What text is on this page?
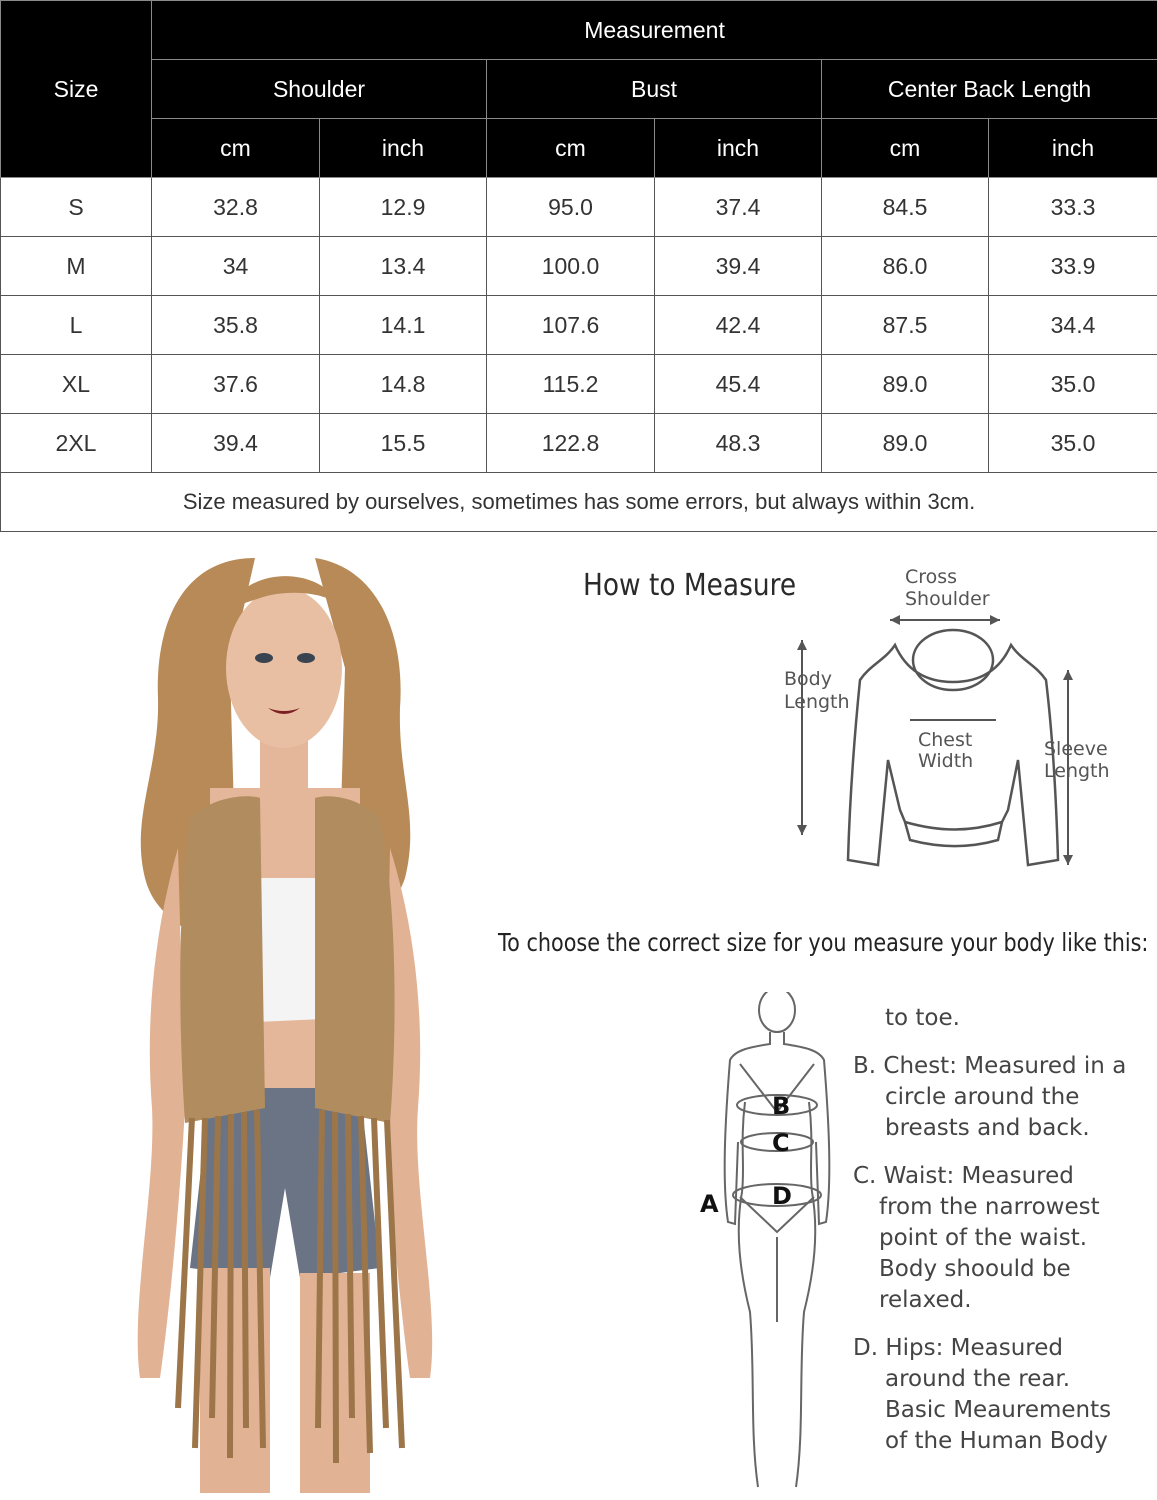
Size	Measurement					
	Shoulder		Bust		Center Back Length	
	cm	inch	cm	inch	cm	inch
S	32.8	12.9	95.0	37.4	84.5	33.3
M	34	13.4	100.0	39.4	86.0	33.9
L	35.8	14.1	107.6	42.4	87.5	34.4
XL	37.6	14.8	115.2	45.4	89.0	35.0
2XL	39.4	15.5	122.8	48.3	89.0	35.0
Size measured by ourselves, sometimes has some errors, but always within 3cm.						
How to Measure	Cross
Shoulder
Body
Length
Chest
Width
Sleeve
Length
To choose the correct size for you measure your body like this:
B
C
D
A
to toe.
B. Chest: Measured in a
circle around the
breasts and back.
C. Waist: Measured
from the narrowest
point of the waist.
Body shoould be
relaxed.
D. Hips: Measured
around the rear.
Basic Meaurements
of the Human Body
